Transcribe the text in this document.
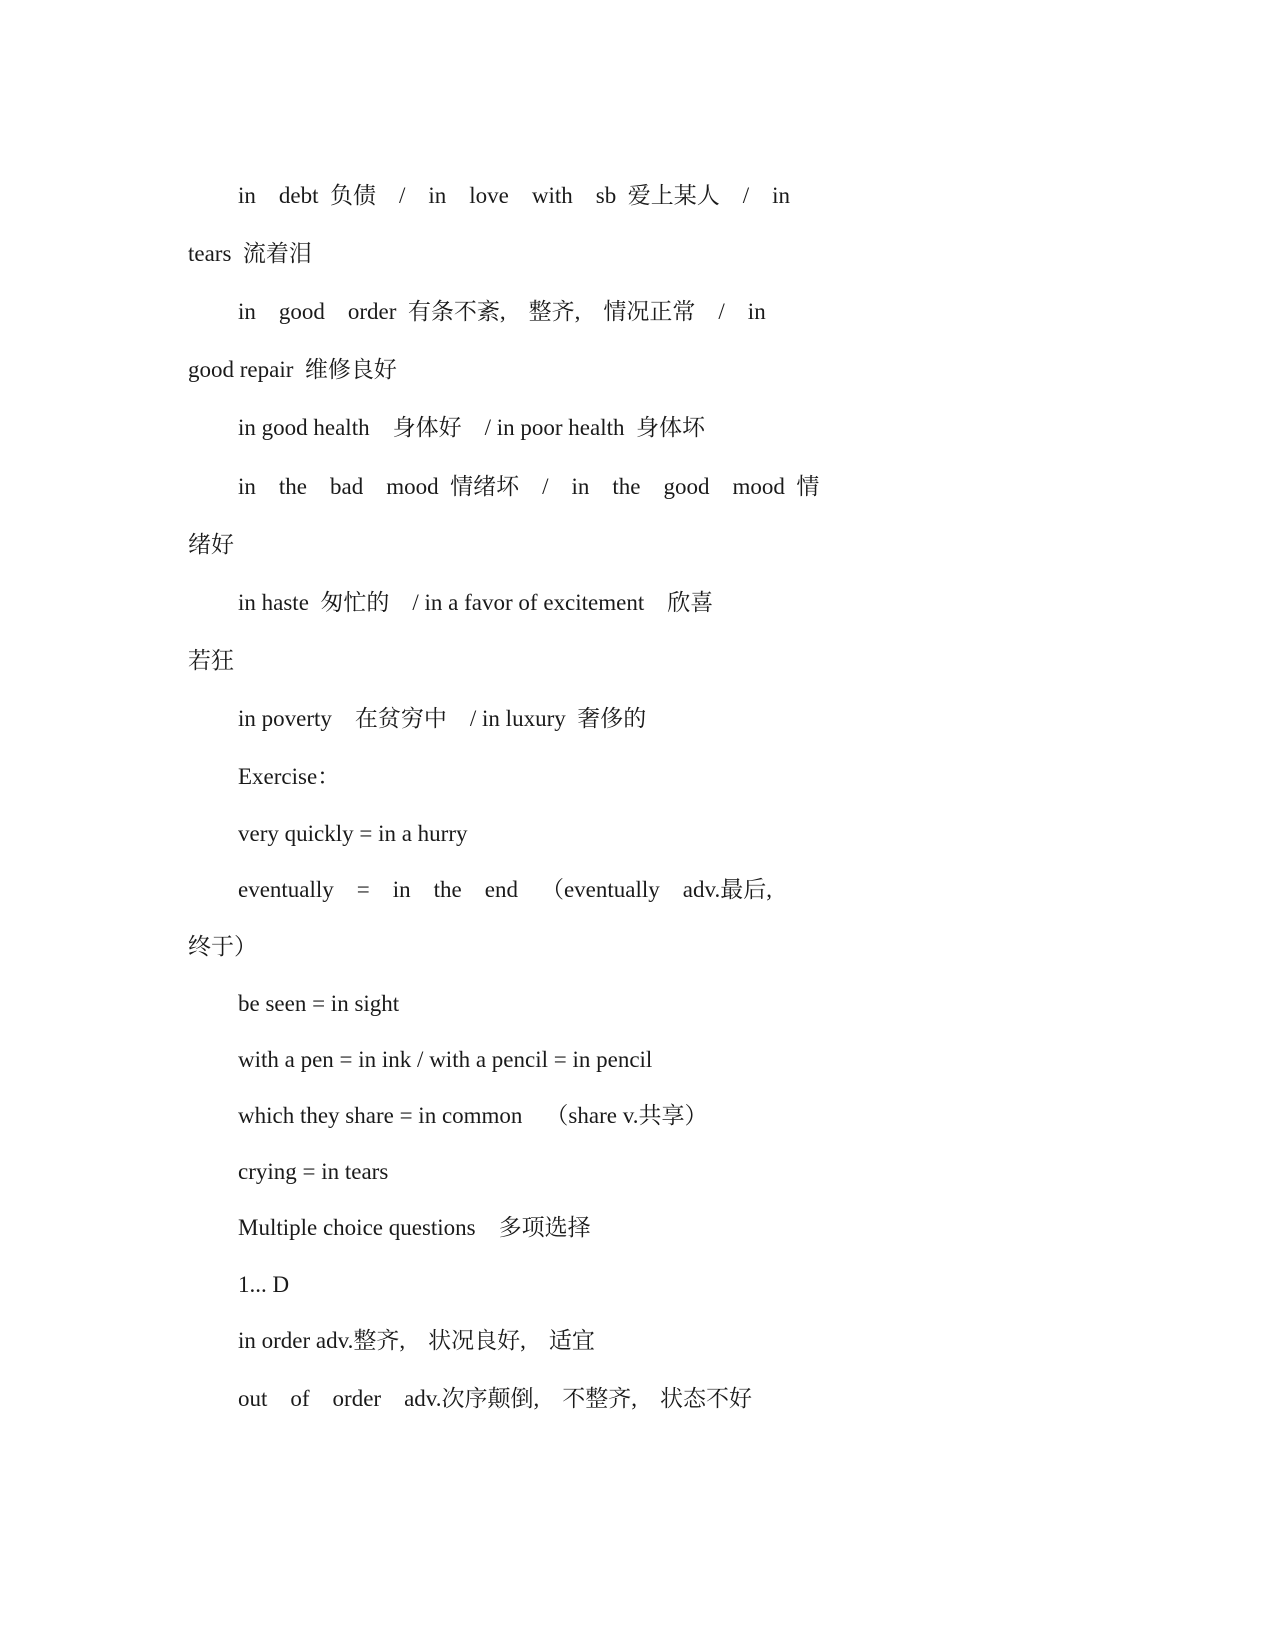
in    debt  负债    /    in    love    with    sb  爱上某人    /    in
tears  流着泪
in    good    order  有条不紊,    整齐,    情况正常    /    in
good repair  维修良好
in good health    身体好    / in poor health  身体坏
in    the    bad    mood  情绪坏    /    in    the    good    mood  情
绪好
in haste  匆忙的    / in a favor of excitement    欣喜
若狂
in poverty    在贫穷中    / in luxury  奢侈的
Exercise：
very quickly = in a hurry
eventually    =    in    the    end    （eventually    adv.最后,
终于）
be seen = in sight
with a pen = in ink / with a pencil = in pencil
which they share = in common    （share v.共享）
crying = in tears
Multiple choice questions    多项选择
1... D
in order adv.整齐,    状况良好,    适宜
out    of    order    adv.次序颠倒,    不整齐,    状态不好
